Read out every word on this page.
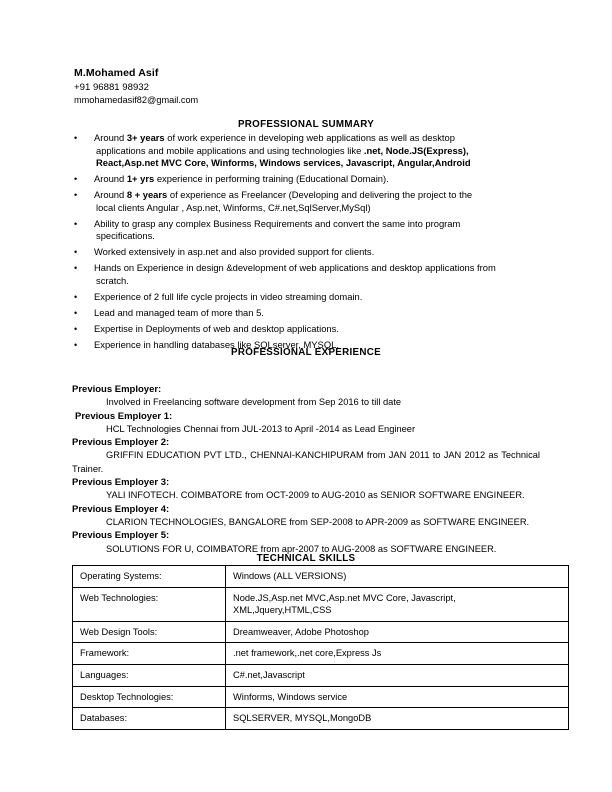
M.Mohamed Asif
+91 96881 98932
mmohamedasif82@gmail.com
PROFESSIONAL SUMMARY
PROFESSIONAL EXPERIENCE
TECHNICAL SKILLS
• Around 3+ years of work experience in developing web applications as well as desktop
applications and mobile applications and using technologies like .net, Node.JS(Express),
React,Asp.net MVC Core, Winforms, Windows services, Javascript, Angular,Android
• Around 1+ yrs experience in performing training (Educational Domain).
• Around 8 + years of experience as Freelancer (Developing and delivering the project to the
local clients Angular , Asp.net, Winforms, C#.net,SqlServer,MySql)
• Ability to grasp any complex Business Requirements and convert the same into program
specifications.
• Worked extensively in asp.net and also provided support for clients.
• Hands on Experience in design &development of web applications and desktop applications from
scratch.
• Experience of 2 full life cycle projects in video streaming domain.
• Lead and managed team of more than 5.
• Expertise in Deployments of web and desktop applications.
• Experience in handling databases like SQLserver, MYSQL.
Previous Employer:
Involved in Freelancing software development from Sep 2016 to till date
Previous Employer 1:
HCL Technologies Chennai from JUL-2013 to April -2014 as Lead Engineer
Previous Employer 2:
GRIFFIN EDUCATION PVT LTD., CHENNAI-KANCHIPURAM from JAN 2011 to JAN 2012 as Technical Trainer.
Previous Employer 3:
YALI INFOTECH. COIMBATORE from OCT-2009 to AUG-2010 as SENIOR SOFTWARE ENGINEER.
Previous Employer 4:
CLARION TECHNOLOGIES, BANGALORE from SEP-2008 to APR-2009 as SOFTWARE ENGINEER.
Previous Employer 5:
SOLUTIONS FOR U, COIMBATORE from apr-2007 to AUG-2008 as SOFTWARE ENGINEER.
Operating Systems:	Windows (ALL VERSIONS)

Web Technologies:	Node.JS,Asp.net MVC,Asp.net MVC Core, Javascript,
XML,Jquery,HTML,CSS

Web Design Tools:	Dreamweaver, Adobe Photoshop

Framework:	.net framework,.net core,Express Js

Languages:	C#.net,Javascript

Desktop Technologies:	Winforms, Windows service

Databases:	SQLSERVER, MYSQL,MongoDB
